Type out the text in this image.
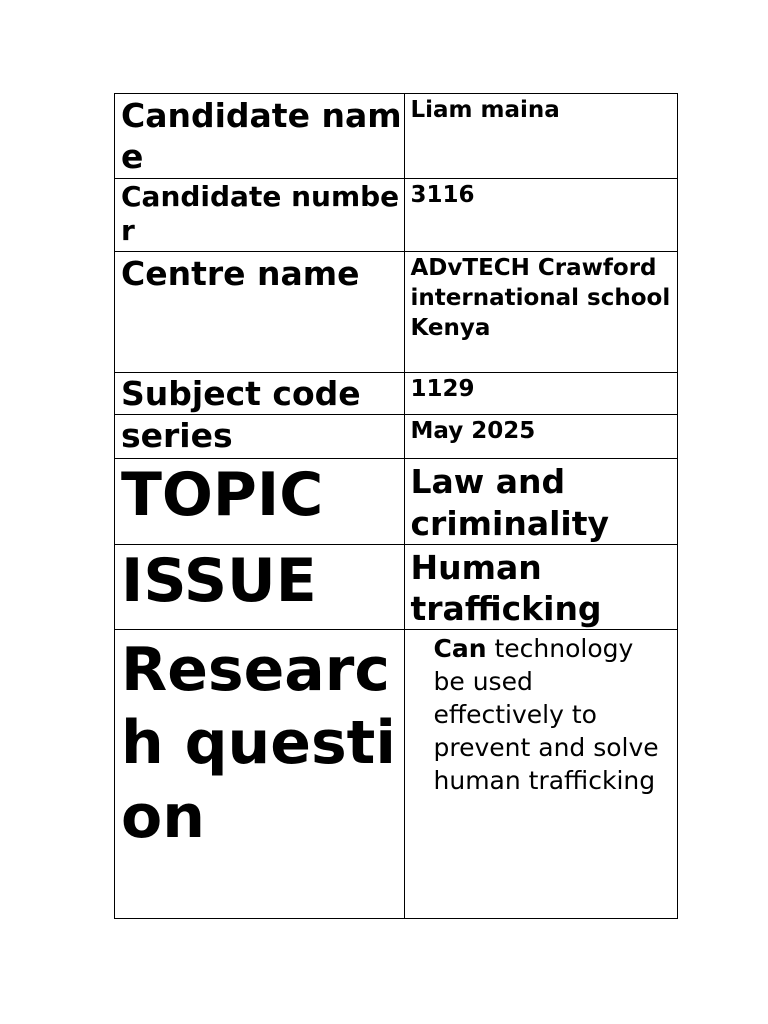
Candidate name	Liam maina

Candidate number	3116

Centre name	ADvTECH Crawford international school Kenya

Subject code	1129

series	May 2025

TOPIC	Law and criminality

ISSUE	Human trafficking

Research question	Can technology be used effectively to prevent and solve human trafficking
